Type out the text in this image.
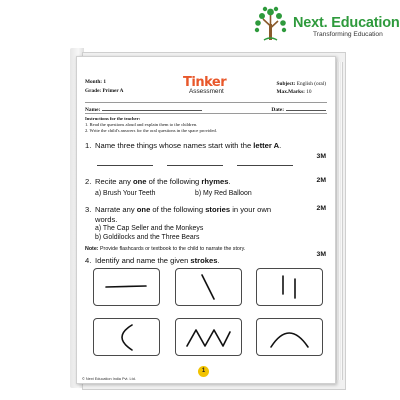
Next. Education
Transforming Education
Month: 1
Grade: Primer A
Tinker
Assessment
Subject: English (oral)
Max.Marks: 10
Name:	Date:
Instructions for the teacher:
1. Read the questions aloud and explain them to the children.
2. Write the child's answers for the oral questions in the space provided.
1. Name three things whose names start with the letter A.
3M
2. Recite any one of the following rhymes.	2M
a) Brush Your Teeth	b) My Red Balloon
3. Narrate any one of the following stories in your own
words.
2M
a) The Cap Seller and the Monkeys
b) Goldilocks and the Three Bears
Note: Provide flashcards or textbook to the child to narrate the story.
4. Identify and name the given strokes.
3M
1
© Next Education India Pvt. Ltd.
